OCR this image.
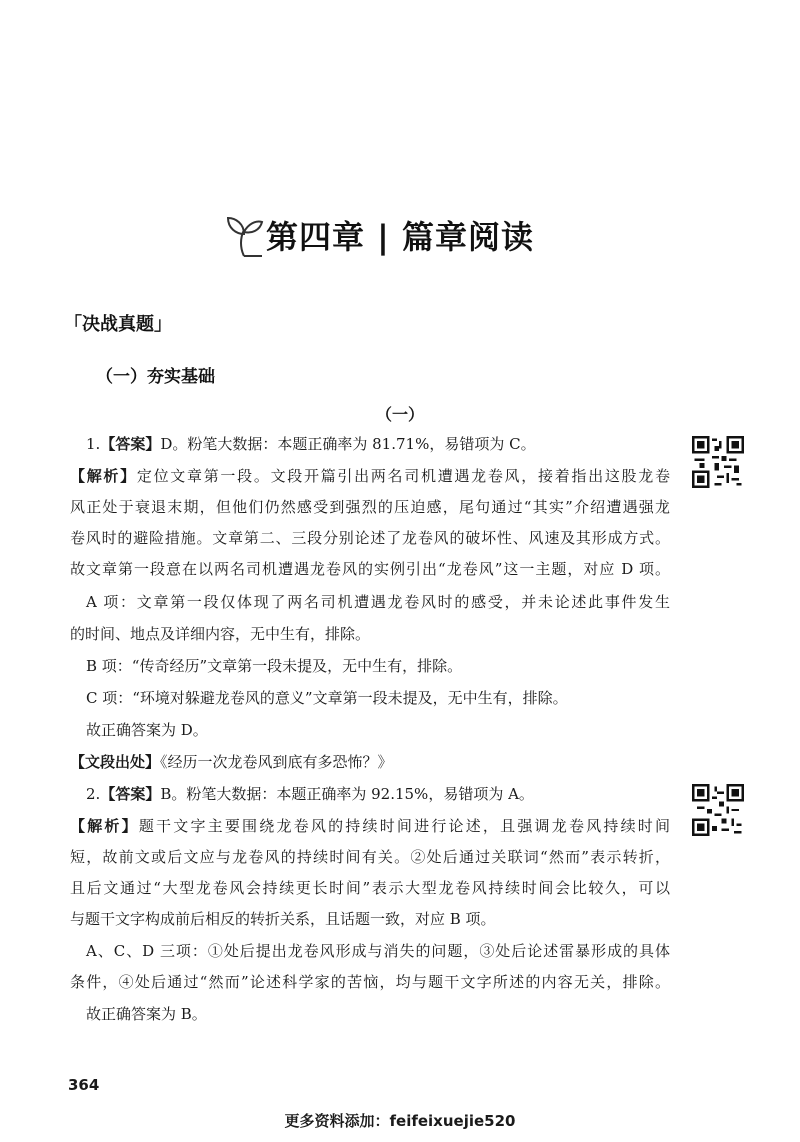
第四章 | 篇章阅读
「决战真题」
（一）夯实基础
（一）
1.【答案】D。粉笔大数据：本题正确率为 81.71%，易错项为 C。
【解析】定位文章第一段。文段开篇引出两名司机遭遇龙卷风，接着指出这股龙卷
风正处于衰退末期，但他们仍然感受到强烈的压迫感，尾句通过“其实”介绍遭遇强龙
卷风时的避险措施。文章第二、三段分别论述了龙卷风的破坏性、风速及其形成方式。
故文章第一段意在以两名司机遭遇龙卷风的实例引出“龙卷风”这一主题，对应 D 项。
A 项：文章第一段仅体现了两名司机遭遇龙卷风时的感受，并未论述此事件发生
的时间、地点及详细内容，无中生有，排除。
B 项：“传奇经历”文章第一段未提及，无中生有，排除。
C 项：“环境对躲避龙卷风的意义”文章第一段未提及，无中生有，排除。
故正确答案为 D。
【文段出处】《经历一次龙卷风到底有多恐怖？》
2.【答案】B。粉笔大数据：本题正确率为 92.15%，易错项为 A。
【解析】题干文字主要围绕龙卷风的持续时间进行论述，且强调龙卷风持续时间
短，故前文或后文应与龙卷风的持续时间有关。②处后通过关联词“然而”表示转折，
且后文通过“大型龙卷风会持续更长时间”表示大型龙卷风持续时间会比较久，可以
与题干文字构成前后相反的转折关系，且话题一致，对应 B 项。
A、C、D 三项：①处后提出龙卷风形成与消失的问题，③处后论述雷暴形成的具体
条件，④处后通过“然而”论述科学家的苦恼，均与题干文字所述的内容无关，排除。
故正确答案为 B。
364
更多资料添加：feifeixuejie520
